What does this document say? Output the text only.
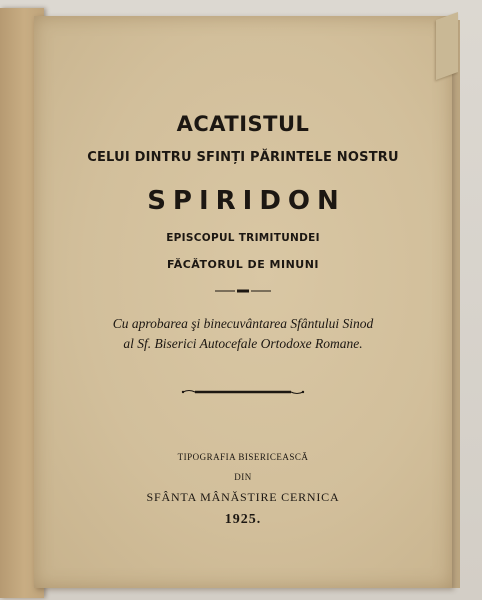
ACATISTUL
CELUI DINTRU SFINȚI PĂRINTELE NOSTRU
SPIRIDON
EPISCOPUL TRIMITUNDEI
FĂCĂTORUL DE MINUNI
Cu aprobarea şi binecuvântarea Sfântului Sinod
al Sf. Biserici Autocefale Ortodoxe Romane.
TIPOGRAFIA BISERICEASCĂ
DIN
SFÂNTA MÂNĂSTIRE CERNICA
1925.
